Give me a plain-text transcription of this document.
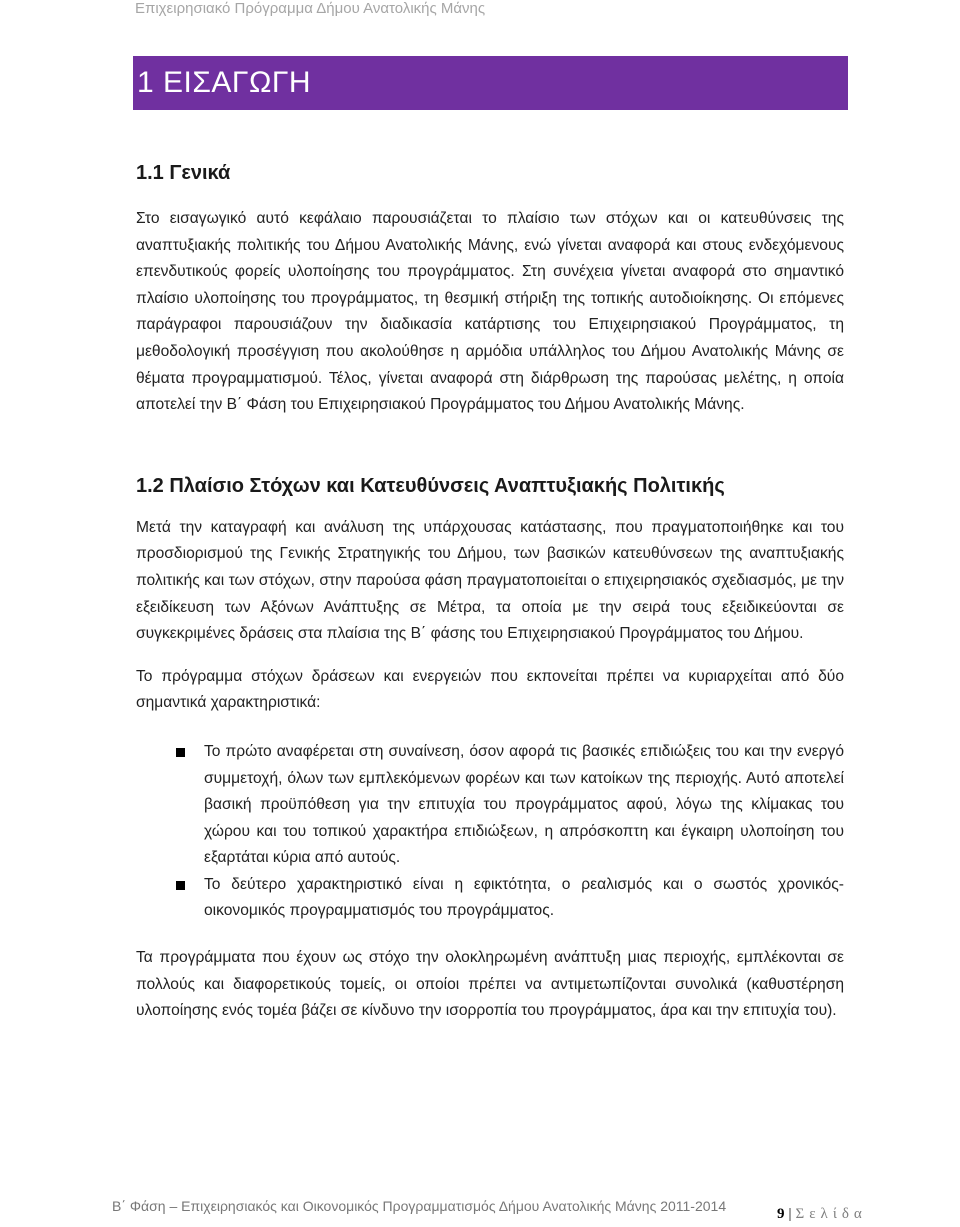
Επιχειρησιακό Πρόγραμμα Δήμου Ανατολικής Μάνης
1 ΕΙΣΑΓΩΓΗ
1.1 Γενικά

Στο εισαγωγικό αυτό κεφάλαιο παρουσιάζεται το πλαίσιο των στόχων και οι κατευθύνσεις της αναπτυξιακής πολιτικής του Δήμου Ανατολικής Μάνης, ενώ γίνεται αναφορά και στους ενδεχόμενους επενδυτικούς φορείς υλοποίησης του προγράμματος. Στη συνέχεια γίνεται αναφορά στο σημαντικό πλαίσιο υλοποίησης του προγράμματος, τη θεσμική στήριξη της τοπικής αυτοδιοίκησης. Οι επόμενες παράγραφοι παρουσιάζουν την διαδικασία κατάρτισης του Επιχειρησιακού Προγράμματος, τη μεθοδολογική προσέγγιση που ακολούθησε η αρμόδια υπάλληλος του Δήμου Ανατολικής Μάνης σε θέματα προγραμματισμού. Τέλος, γίνεται αναφορά στη διάρθρωση της παρούσας μελέτης, η οποία αποτελεί την Β΄ Φάση του Επιχειρησιακού Προγράμματος του Δήμου Ανατολικής Μάνης.

1.2 Πλαίσιο Στόχων και Κατευθύνσεις Αναπτυξιακής Πολιτικής

Μετά την καταγραφή και ανάλυση της υπάρχουσας κατάστασης, που πραγματοποιήθηκε και του προσδιορισμού της Γενικής Στρατηγικής του Δήμου, των βασικών κατευθύνσεων της αναπτυξιακής πολιτικής και των στόχων, στην παρούσα φάση πραγματοποιείται ο επιχειρησιακός σχεδιασμός, με την εξειδίκευση των Αξόνων Ανάπτυξης σε Μέτρα, τα οποία με την σειρά τους εξειδικεύονται σε συγκεκριμένες δράσεις στα πλαίσια της Β΄ φάσης του Επιχειρησιακού Προγράμματος του Δήμου.

Το πρόγραμμα στόχων δράσεων και ενεργειών που εκπονείται πρέπει να κυριαρχείται από δύο σημαντικά χαρακτηριστικά:

Το πρώτο αναφέρεται στη συναίνεση, όσον αφορά τις βασικές επιδιώξεις του και την ενεργό συμμετοχή, όλων των εμπλεκόμενων φορέων και των κατοίκων της περιοχής. Αυτό αποτελεί βασική προϋπόθεση για την επιτυχία του προγράμματος αφού, λόγω της κλίμακας του χώρου και του τοπικού χαρακτήρα επιδιώξεων, η απρόσκοπτη και έγκαιρη υλοποίηση του εξαρτάται κύρια από αυτούς.

Το δεύτερο χαρακτηριστικό είναι η εφικτότητα, ο ρεαλισμός και ο σωστός χρονικός-οικονομικός προγραμματισμός του προγράμματος.

Τα προγράμματα που έχουν ως στόχο την ολοκληρωμένη ανάπτυξη μιας περιοχής, εμπλέκονται σε πολλούς και διαφορετικούς τομείς, οι οποίοι πρέπει να αντιμετωπίζονται συνολικά (καθυστέρηση υλοποίησης ενός τομέα βάζει σε κίνδυνο την ισορροπία του προγράμματος, άρα και την επιτυχία του).

Β΄ Φάση – Επιχειρησιακός και Οικονομικός Προγραμματισμός Δήμου Ανατολικής Μάνης 2011-2014	9 | Σελίδα
